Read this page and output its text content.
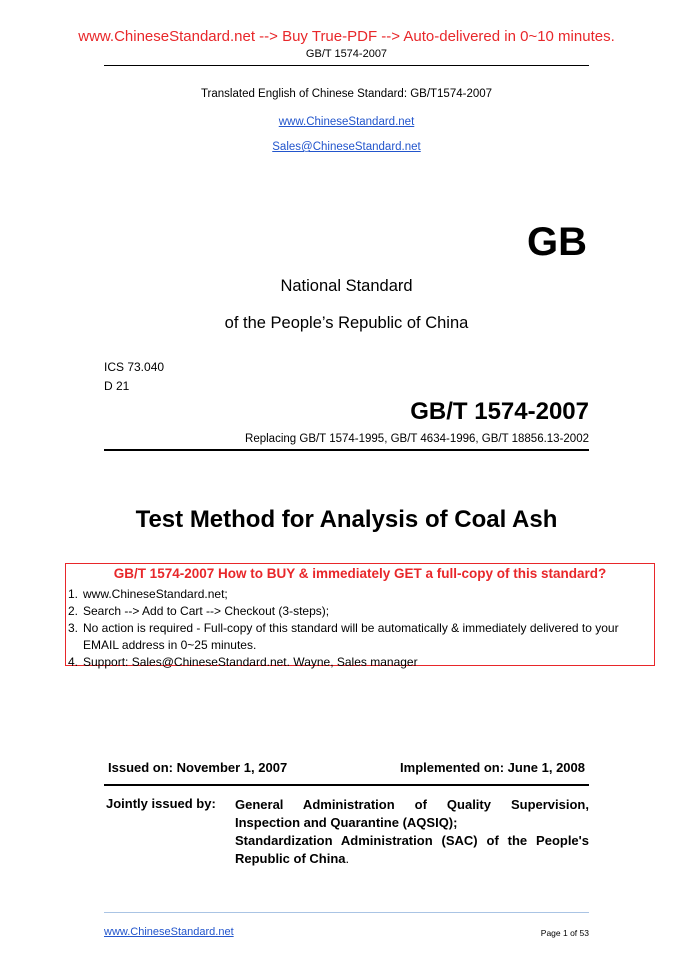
www.ChineseStandard.net --> Buy True-PDF --> Auto-delivered in 0~10 minutes.
GB/T 1574-2007
Translated English of Chinese Standard: GB/T1574-2007
www.ChineseStandard.net
Sales@ChineseStandard.net
GB
National Standard
of the People’s Republic of China
ICS 73.040
D 21
GB/T 1574-2007
Replacing GB/T 1574-1995, GB/T 4634-1996, GB/T 18856.13-2002
Test Method for Analysis of Coal Ash
GB/T 1574-2007 How to BUY & immediately GET a full-copy of this standard?
1. www.ChineseStandard.net;
2. Search --> Add to Cart --> Checkout (3-steps);
3. No action is required - Full-copy of this standard will be automatically & immediately delivered to your EMAIL address in 0~25 minutes.
4. Support: Sales@ChineseStandard.net. Wayne, Sales manager
Issued on: November 1, 2007	Implemented on: June 1, 2008
Jointly issued by: General Administration of Quality Supervision, Inspection and Quarantine (AQSIQ);
Standardization Administration (SAC) of the People's Republic of China.
www.ChineseStandard.net	Page 1 of 53
